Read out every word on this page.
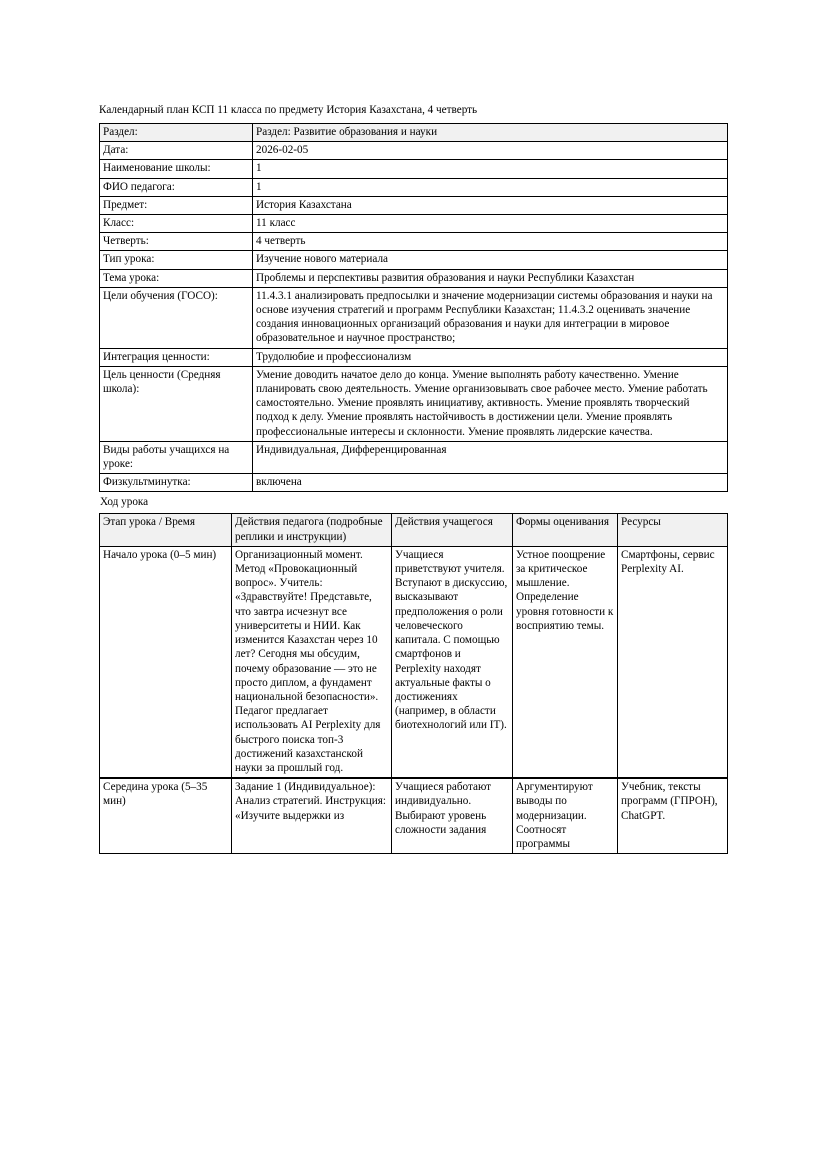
Календарный план КСП 11 класса по предмету История Казахстана, 4 четверть

Раздел:	Раздел: Развитие образования и науки
Дата:	2026-02-05
Наименование школы:	1
ФИО педагога:	1
Предмет:	История Казахстана
Класс:	11 класс
Четверть:	4 четверть
Тип урока:	Изучение нового материала
Тема урока:	Проблемы и перспективы развития образования и науки Республики Казахстан
Цели обучения (ГОСО):	11.4.3.1 анализировать предпосылки и значение модернизации системы образования и науки на основе изучения стратегий и программ Республики Казахстан; 11.4.3.2 оценивать значение создания инновационных организаций образования и науки для интеграции в мировое образовательное и научное пространство;
Интеграция ценности:	Трудолюбие и профессионализм
Цель ценности (Средняя школа):	Умение доводить начатое дело до конца. Умение выполнять работу качественно. Умение планировать свою деятельность. Умение организовывать свое рабочее место. Умение работать самостоятельно. Умение проявлять инициативу, активность. Умение проявлять творческий подход к делу. Умение проявлять настойчивость в достижении цели. Умение проявлять профессиональные интересы и склонности. Умение проявлять лидерские качества.
Виды работы учащихся на уроке:	Индивидуальная, Дифференцированная
Физкультминутка:	включена

Ход урока

Этап урока / Время	Действия педагога (подробные реплики и инструкции)	Действия учащегося	Формы оценивания	Ресурсы
Начало урока (0–5 мин)	Организационный момент. Метод «Провокационный вопрос». Учитель: «Здравствуйте! Представьте, что завтра исчезнут все университеты и НИИ. Как изменится Казахстан через 10 лет? Сегодня мы обсудим, почему образование — это не просто диплом, а фундамент национальной безопасности». Педагог предлагает использовать AI Perplexity для быстрого поиска топ-3 достижений казахстанской науки за прошлый год.	Учащиеся приветствуют учителя. Вступают в дискуссию, высказывают предположения о роли человеческого капитала. С помощью смартфонов и Perplexity находят актуальные факты о достижениях (например, в области биотехнологий или IT).	Устное поощрение за критическое мышление. Определение уровня готовности к восприятию темы.	Смартфоны, сервис Perplexity AI.
Середина урока (5–35 мин)	Задание 1 (Индивидуальное): Анализ стратегий. Инструкция: «Изучите выдержки из	Учащиеся работают индивидуально. Выбирают уровень сложности задания	Аргументируют выводы по модернизации. Соотносят программы	Учебник, тексты программ (ГПРОН), ChatGPT.
